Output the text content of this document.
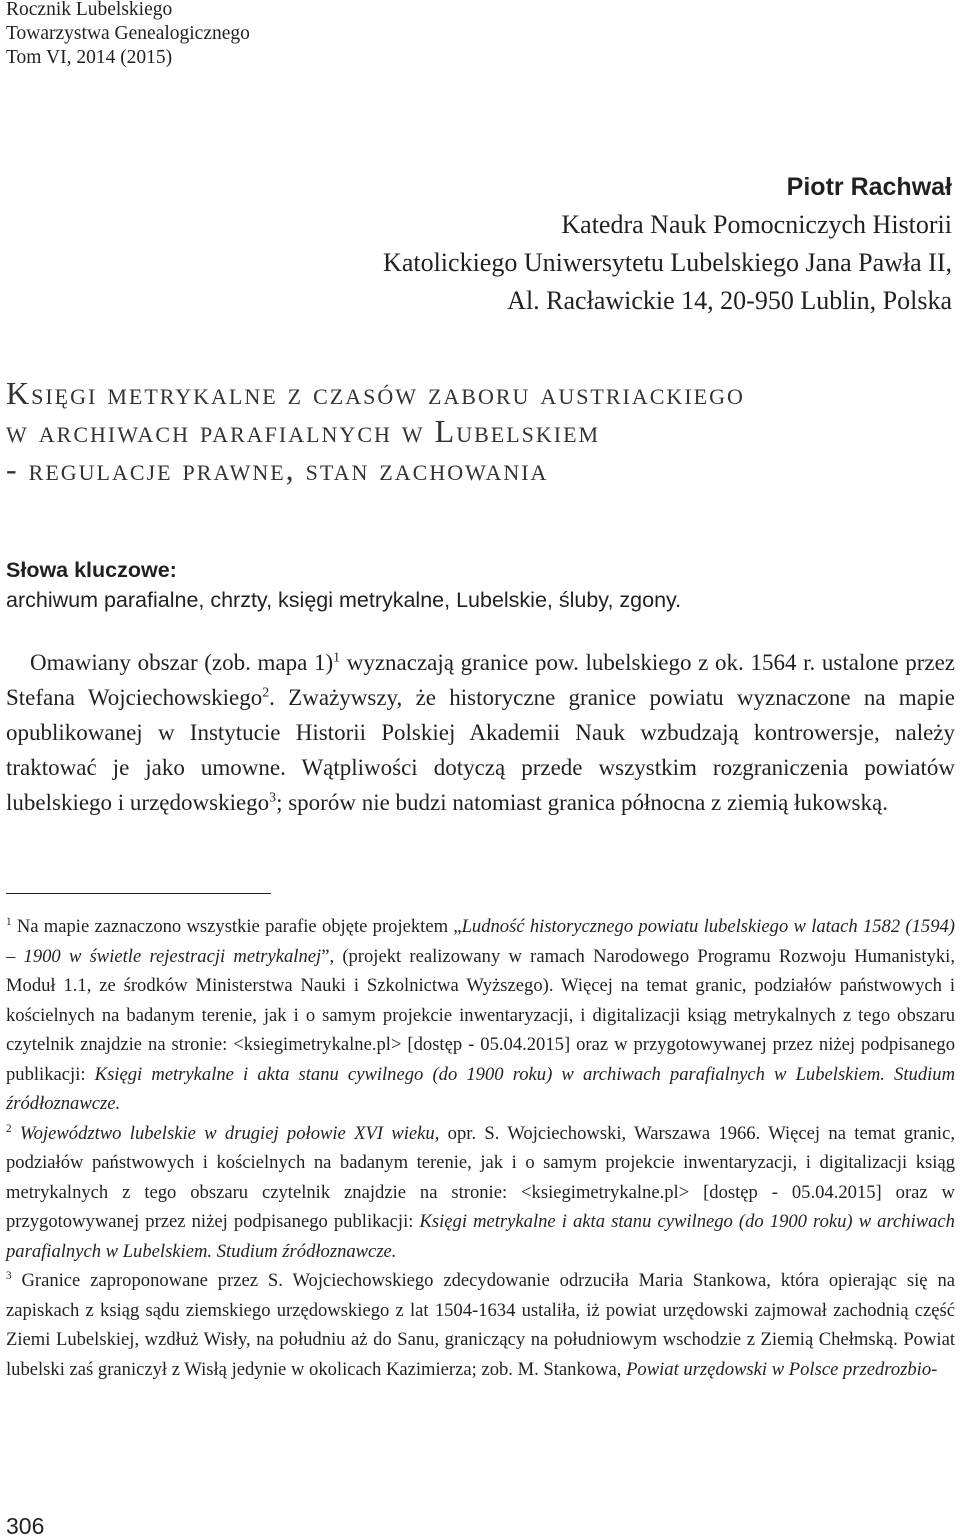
Rocznik Lubelskiego
Towarzystwa Genealogicznego
Tom VI, 2014 (2015)
Piotr Rachwał
Katedra Nauk Pomocniczych Historii
Katolickiego Uniwersytetu Lubelskiego Jana Pawła II,
Al. Racławickie 14, 20-950 Lublin, Polska
Księgi metrykalne z czasów zaboru austriackiego
w archiwach parafialnych w Lubelskiem
- regulacje prawne, stan zachowania
Słowa kluczowe:
archiwum parafialne, chrzty, księgi metrykalne, Lubelskie, śluby, zgony.

Omawiany obszar (zob. mapa 1)$^1$ wyznaczają granice pow. lubelskiego z ok. 1564 r. ustalone przez Stefana Wojciechowskiego$^2$. Zważywszy, że historyczne granice powiatu wyznaczone na mapie opublikowanej w Instytucie Historii Polskiej Akademii Nauk wzbudzają kontrowersje, należy traktować je jako umowne. Wątpliwości dotyczą przede wszystkim rozgraniczenia powiatów lubelskiego i urzędowskiego$^3$; sporów nie budzi natomiast granica północna z ziemią łukowską.

$^1$ Na mapie zaznaczono wszystkie parafie objęte projektem „Ludność historycznego powiatu lubelskiego w latach 1582 (1594) – 1900 w świetle rejestracji metrykalnej”, (projekt realizowany w ramach Narodowego Programu Rozwoju Humanistyki, Moduł 1.1, ze środków Ministerstwa Nauki i Szkolnictwa Wyższego). Więcej na temat granic, podziałów państwowych i kościelnych na badanym terenie, jak i o samym projekcie inwentaryzacji, i digitalizacji ksiąg metrykalnych z tego obszaru czytelnik znajdzie na stronie: <ksiegimetrykalne.pl> [dostęp - 05.04.2015] oraz w przygotowywanej przez niżej podpisanego publikacji: Księgi metrykalne i akta stanu cywilnego (do 1900 roku) w archiwach parafialnych w Lubelskiem. Studium źródłoznawcze.

$^2$ Województwo lubelskie w drugiej połowie XVI wieku, opr. S. Wojciechowski, Warszawa 1966. Więcej na temat granic, podziałów państwowych i kościelnych na badanym terenie, jak i o samym projekcie inwentaryzacji, i digitalizacji ksiąg metrykalnych z tego obszaru czytelnik znajdzie na stronie: <ksiegimetrykalne.pl> [dostęp - 05.04.2015] oraz w przygotowywanej przez niżej podpisanego publikacji: Księgi metrykalne i akta stanu cywilnego (do 1900 roku) w archiwach parafialnych w Lubelskiem. Studium źródłoznawcze.

$^3$ Granice zaproponowane przez S. Wojciechowskiego zdecydowanie odrzuciła Maria Stankowa, która opierając się na zapiskach z ksiąg sądu ziemskiego urzędowskiego z lat 1504-1634 ustaliła, iż powiat urzędowski zajmował zachodnią część Ziemi Lubelskiej, wzdłuż Wisły, na południu aż do Sanu, graniczący na południowym wschodzie z Ziemią Chełmską. Powiat lubelski zaś graniczył z Wisłą jedynie w okolicach Kazimierza; zob. M. Stankowa, Powiat urzędowski w Polsce przedrozbio-

306
